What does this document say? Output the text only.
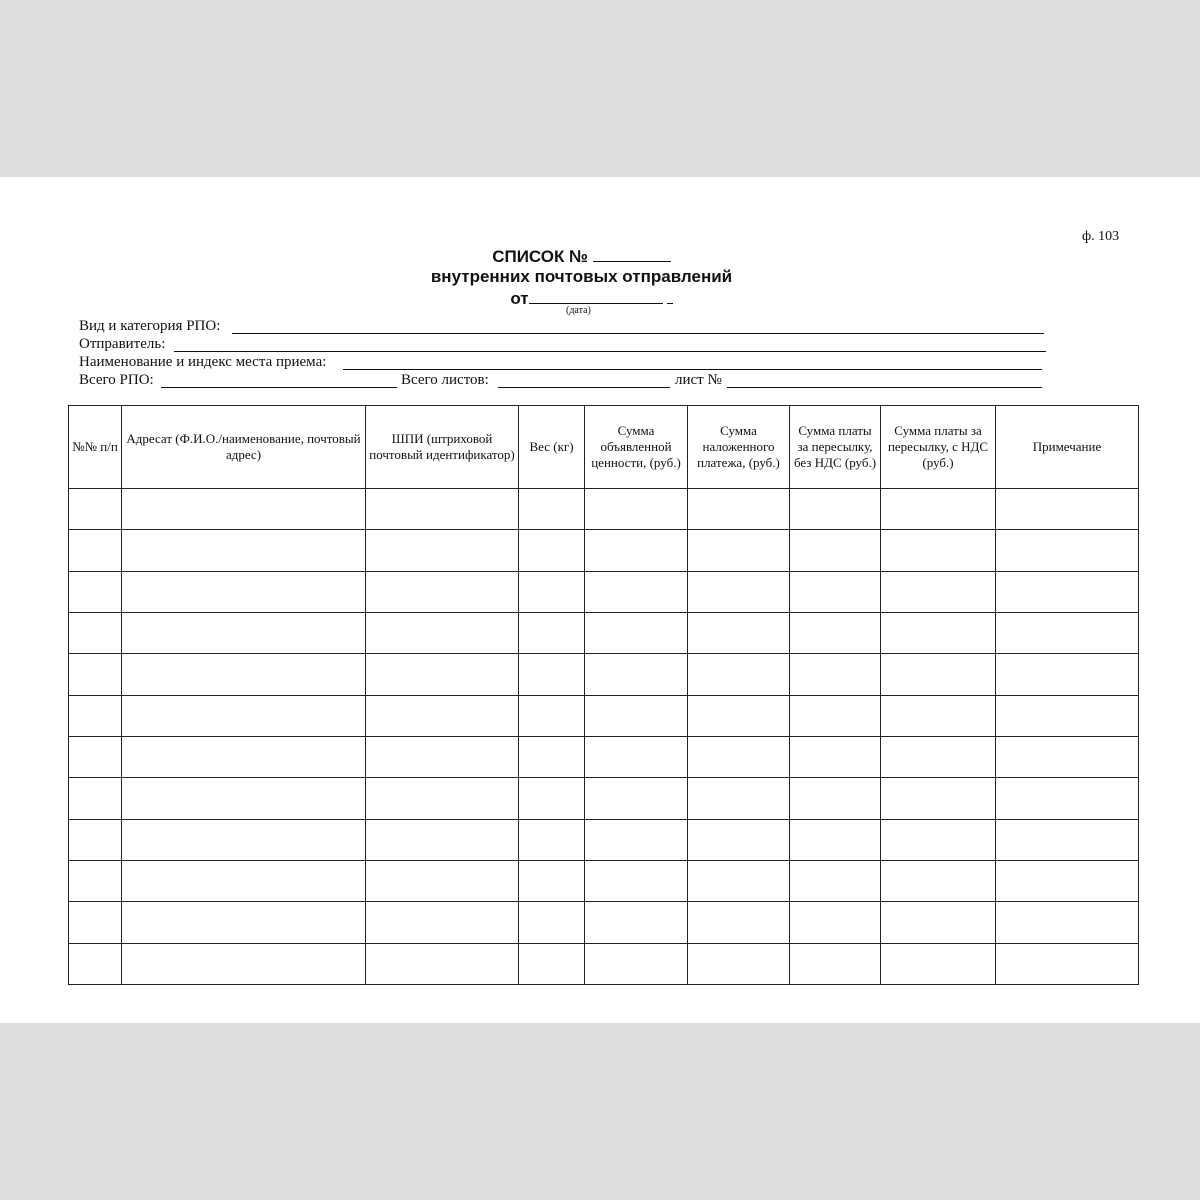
ф. 103
СПИСОК №
внутренних почтовых отправлений
от
(дата)
Вид и категория РПО:
Отправитель:
Наименование и индекс места приема:
Всего РПО:	Всего листов:	лист №
№№ п/п	Адресат (Ф.И.О./наименование, почтовый адрес)	ШПИ (штриховой почтовый идентификатор)	Вес (кг)	Сумма объявленной ценности, (руб.)	Сумма наложенного платежа, (руб.)	Сумма платы за пересылку, без НДС (руб.)	Сумма платы за пересылку, с НДС (руб.)	Примечание
